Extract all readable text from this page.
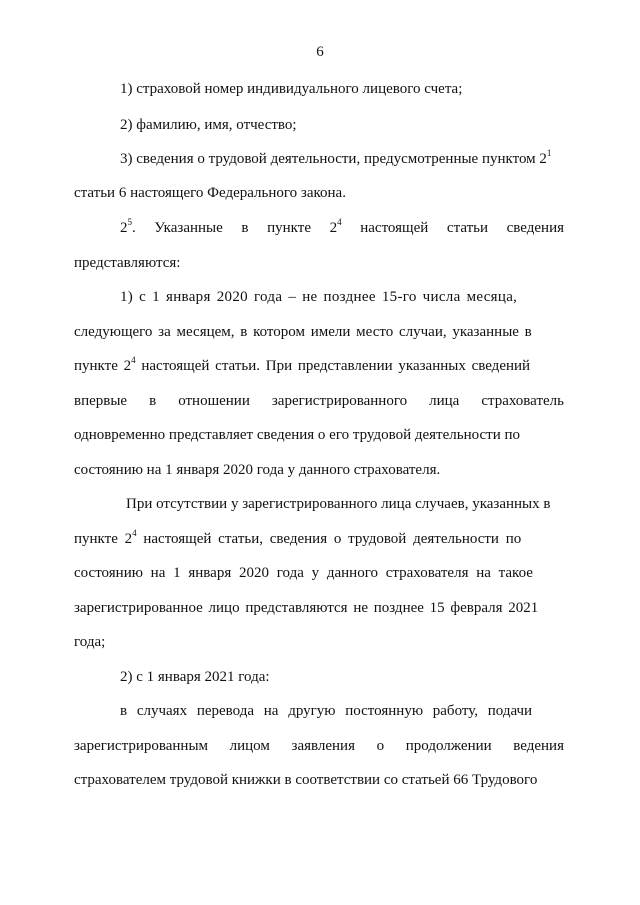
6
1) страховой номер индивидуального лицевого счета;
2) фамилию, имя, отчество;
3) сведения о трудовой деятельности, предусмотренные пунктом $2^1$
статьи 6 настоящего Федерального закона.
$2^5$. Указанные в пункте $2^4$ настоящей статьи сведения
представляются:
1) с 1 января 2020 года – не позднее 15-го числа месяца,
следующего за месяцем, в котором имели место случаи, указанные в
пункте $2^4$ настоящей статьи. При представлении указанных сведений
впервые в отношении зарегистрированного лица страхователь
одновременно представляет сведения о его трудовой деятельности по
состоянию на 1 января 2020 года у данного страхователя.
При отсутствии у зарегистрированного лица случаев, указанных в
пункте $2^4$ настоящей статьи, сведения о трудовой деятельности по
состоянию на 1 января 2020 года у данного страхователя на такое
зарегистрированное лицо представляются не позднее 15 февраля 2021
года;
2) с 1 января 2021 года:
в случаях перевода на другую постоянную работу, подачи
зарегистрированным лицом заявления о продолжении ведения
страхователем трудовой книжки в соответствии со статьей 66 Трудового
